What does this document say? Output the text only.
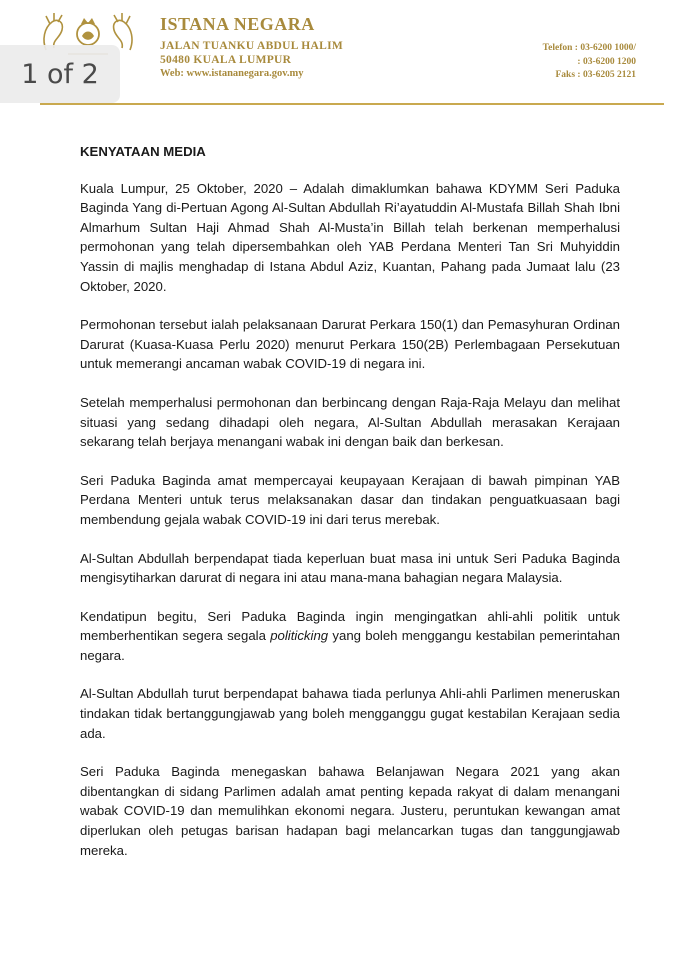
ISTANA NEGARA
JALAN TUANKU ABDUL HALIM
50480 KUALA LUMPUR
Web: www.istananegara.gov.my
Telefon : 03-6200 1000/
: 03-6200 1200
Faks : 03-6205 2121
1 of 2
KENYATAAN MEDIA

Kuala Lumpur, 25 Oktober, 2020 – Adalah dimaklumkan bahawa KDYMM Seri Paduka Baginda Yang di-Pertuan Agong Al-Sultan Abdullah Ri’ayatuddin Al-Mustafa Billah Shah Ibni Almarhum Sultan Haji Ahmad Shah Al-Musta’in Billah telah berkenan memperhalusi permohonan yang telah dipersembahkan oleh YAB Perdana Menteri Tan Sri Muhyiddin Yassin di majlis menghadap di Istana Abdul Aziz, Kuantan, Pahang pada Jumaat lalu (23 Oktober, 2020.

Permohonan tersebut ialah pelaksanaan Darurat Perkara 150(1) dan Pemasyhuran Ordinan Darurat (Kuasa-Kuasa Perlu 2020) menurut Perkara 150(2B) Perlembagaan Persekutuan untuk memerangi ancaman wabak COVID-19 di negara ini.

Setelah memperhalusi permohonan dan berbincang dengan Raja-Raja Melayu dan melihat situasi yang sedang dihadapi oleh negara, Al-Sultan Abdullah merasakan Kerajaan sekarang telah berjaya menangani wabak ini dengan baik dan berkesan.

Seri Paduka Baginda amat mempercayai keupayaan Kerajaan di bawah pimpinan YAB Perdana Menteri untuk terus melaksanakan dasar dan tindakan penguatkuasaan bagi membendung gejala wabak COVID-19 ini dari terus merebak.

Al-Sultan Abdullah berpendapat tiada keperluan buat masa ini untuk Seri Paduka Baginda mengisytiharkan darurat di negara ini atau mana-mana bahagian negara Malaysia.

Kendatipun begitu, Seri Paduka Baginda ingin mengingatkan ahli-ahli politik untuk memberhentikan segera segala politicking yang boleh menggangu kestabilan pemerintahan negara.

Al-Sultan Abdullah turut berpendapat bahawa tiada perlunya Ahli-ahli Parlimen meneruskan tindakan tidak bertanggungjawab yang boleh mengganggu gugat kestabilan Kerajaan sedia ada.

Seri Paduka Baginda menegaskan bahawa Belanjawan Negara 2021 yang akan dibentangkan di sidang Parlimen adalah amat penting kepada rakyat di dalam menangani wabak COVID-19 dan memulihkan ekonomi negara. Justeru, peruntukan kewangan amat diperlukan oleh petugas barisan hadapan bagi melancarkan tugas dan tanggungjawab mereka.
